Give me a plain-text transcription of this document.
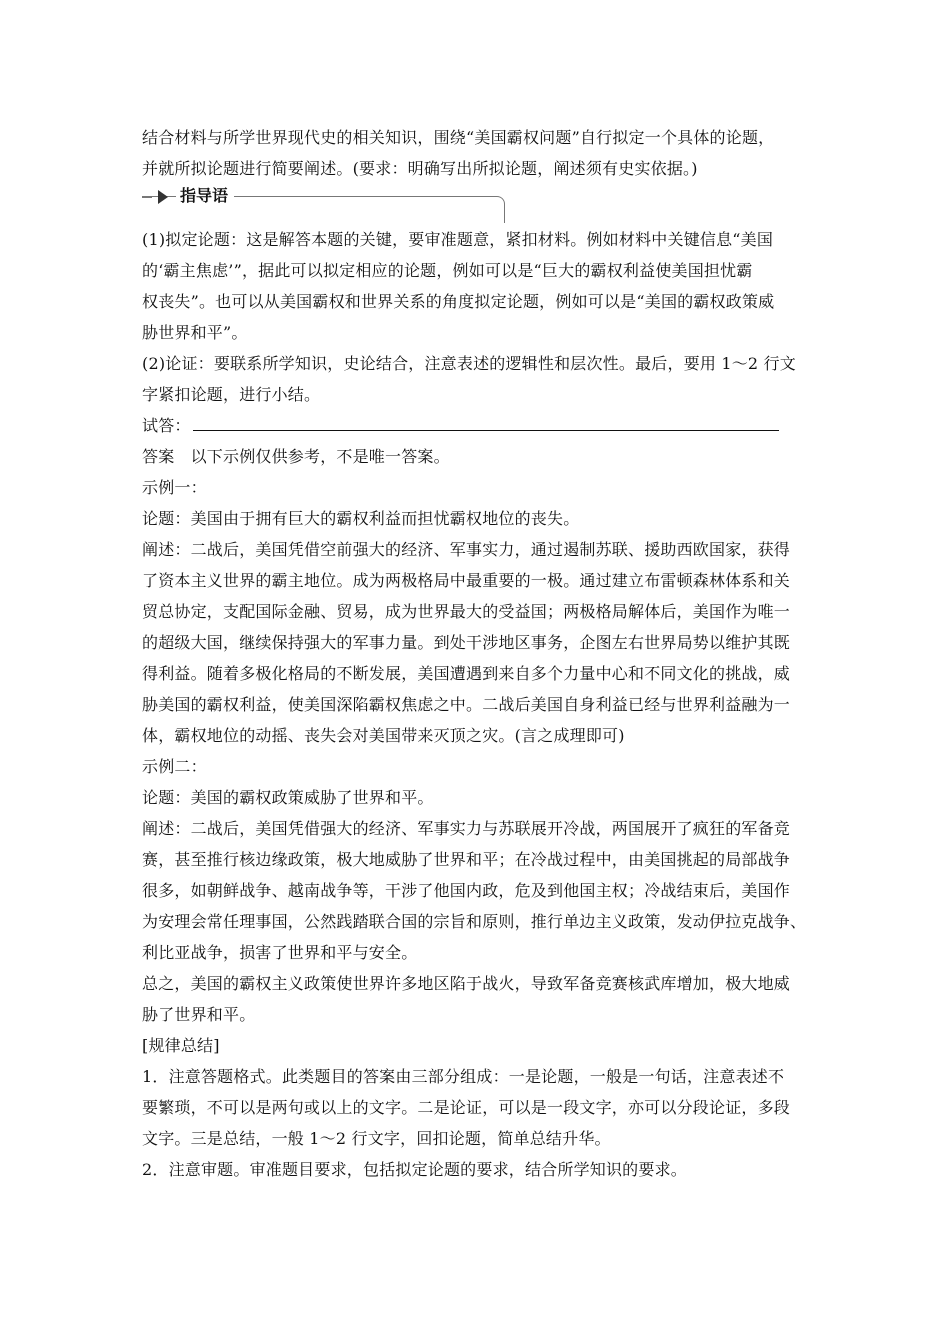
结合材料与所学世界现代史的相关知识，围绕“美国霸权问题”自行拟定一个具体的论题，
并就所拟论题进行简要阐述。(要求：明确写出所拟论题，阐述须有史实依据。)
指导语
(1)拟定论题：这是解答本题的关键，要审准题意，紧扣材料。例如材料中关键信息“美国
的‘霸主焦虑’”，据此可以拟定相应的论题，例如可以是“巨大的霸权利益使美国担忧霸
权丧失”。也可以从美国霸权和世界关系的角度拟定论题，例如可以是“美国的霸权政策威
胁世界和平”。
(2)论证：要联系所学知识，史论结合，注意表述的逻辑性和层次性。最后，要用 1～2 行文
字紧扣论题，进行小结。
试答：
答案　以下示例仅供参考，不是唯一答案。
示例一：
论题：美国由于拥有巨大的霸权利益而担忧霸权地位的丧失。
阐述：二战后，美国凭借空前强大的经济、军事实力，通过遏制苏联、援助西欧国家，获得
了资本主义世界的霸主地位。成为两极格局中最重要的一极。通过建立布雷顿森林体系和关
贸总协定，支配国际金融、贸易，成为世界最大的受益国；两极格局解体后，美国作为唯一
的超级大国，继续保持强大的军事力量。到处干涉地区事务，企图左右世界局势以维护其既
得利益。随着多极化格局的不断发展，美国遭遇到来自多个力量中心和不同文化的挑战，威
胁美国的霸权利益，使美国深陷霸权焦虑之中。二战后美国自身利益已经与世界利益融为一
体，霸权地位的动摇、丧失会对美国带来灭顶之灾。(言之成理即可)
示例二：
论题：美国的霸权政策威胁了世界和平。
阐述：二战后，美国凭借强大的经济、军事实力与苏联展开冷战，两国展开了疯狂的军备竞
赛，甚至推行核边缘政策，极大地威胁了世界和平；在冷战过程中，由美国挑起的局部战争
很多，如朝鲜战争、越南战争等，干涉了他国内政，危及到他国主权；冷战结束后，美国作
为安理会常任理事国，公然践踏联合国的宗旨和原则，推行单边主义政策，发动伊拉克战争、
利比亚战争，损害了世界和平与安全。
总之，美国的霸权主义政策使世界许多地区陷于战火，导致军备竞赛核武库增加，极大地威
胁了世界和平。
[规律总结]
1．注意答题格式。此类题目的答案由三部分组成：一是论题，一般是一句话，注意表述不
要繁琐，不可以是两句或以上的文字。二是论证，可以是一段文字，亦可以分段论证，多段
文字。三是总结，一般 1～2 行文字，回扣论题，简单总结升华。
2．注意审题。审准题目要求，包括拟定论题的要求，结合所学知识的要求。
